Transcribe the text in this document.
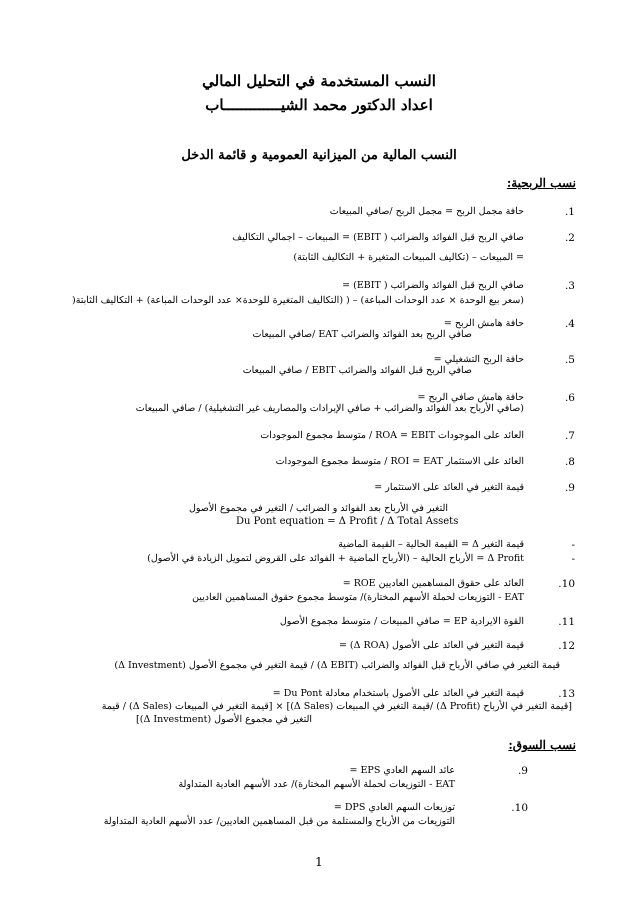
النسب المستخدمة في التحليل المالي
اعداد الدكتور محمد الشيـــــــــــــاب
النسب المالية من الميزانية العمومية و قائمة الدخل
نسب الربحية:
.1
حافة مجمل الربح = مجمل الربح /صافي المبيعات
.2
صافي الربح قبل الفوائد والضرائب ( EBIT) = المبيعات – اجمالي التكاليف
= المبيعات – (تكاليف المبيعات المتغيرة + التكاليف الثابتة)
.3
صافي الربح قبل الفوائد والضرائب ( EBIT) =
(سعر بيع الوحدة × عدد الوحدات المباعة) – ( (التكاليف المتغيرة للوحدة× عدد الوحدات المباعة) + التكاليف الثابتة(
.4
حافة هامش الربح =
صافي الربح بعد الفوائد والضرائب EAT /صافي المبيعات
.5
حافة الربح التشغيلي =
صافي الربح قبل الفوائد والضرائب EBIT / صافي المبيعات
.6
حافة هامش صافي الربح =
(صافي الأرباح بعد الفوائد والضرائب + صافي الإيرادات والمصاريف غير التشغيلية) / صافي المبيعات
.7
العائد على الموجودات ROA = EBIT / متوسط مجموع الموجودات
.8
العائد على الاستثمار ROI = EAT / متوسط مجموع الموجودات
.9
قيمة التغير في العائد على الاستثمار =
التغير في الأرباح بعد الفوائد و الضرائب / التغير في مجموع الأصول
Du Pont equation = Δ Profit / Δ Total Assets
-
قيمة التغير Δ = القيمة الحالية – القيمة الماضية
-
Δ Profit = الأرباح الحالية – (الأرباح الماضية + الفوائد على القروض لتمويل الزيادة في الأصول)
.10
العائد على حقوق المساهمين العاديين ROE =
EAT - التوزيعات لحملة الأسهم المختارة)/ متوسط مجموع حقوق المساهمين العاديين
.11
القوة الايرادية EP = صافي المبيعات / متوسط مجموع الأصول
.12
قيمة التغير في العائد على الأصول (Δ ROA) =
قيمة التغير في صافي الأرباح قبل الفوائد والضرائب (Δ EBIT) / قيمة التغير في مجموع الأصول (Δ Investment)
.13
قيمة التغير في العائد على الأصول باستخدام معادلة Du Pont =
[قيمة التغير في الأرباح (Δ Profit) /قيمة التغير في المبيعات (Δ Sales)] × [قيمة التغير في المبيعات (Δ Sales) / قيمة
التغير في مجموع الأصول (Δ Investment)]
نسب السوق:
.9
عائد السهم العادي EPS =
EAT - التوزيعات لحملة الأسهم المختارة)/ عدد الأسهم العادية المتداولة
.10
توزيعات السهم العادي DPS =
التوزيعات من الأرباح والمستلمة من قبل المساهمين العاديين/ عدد الأسهم العادية المتداولة
1
